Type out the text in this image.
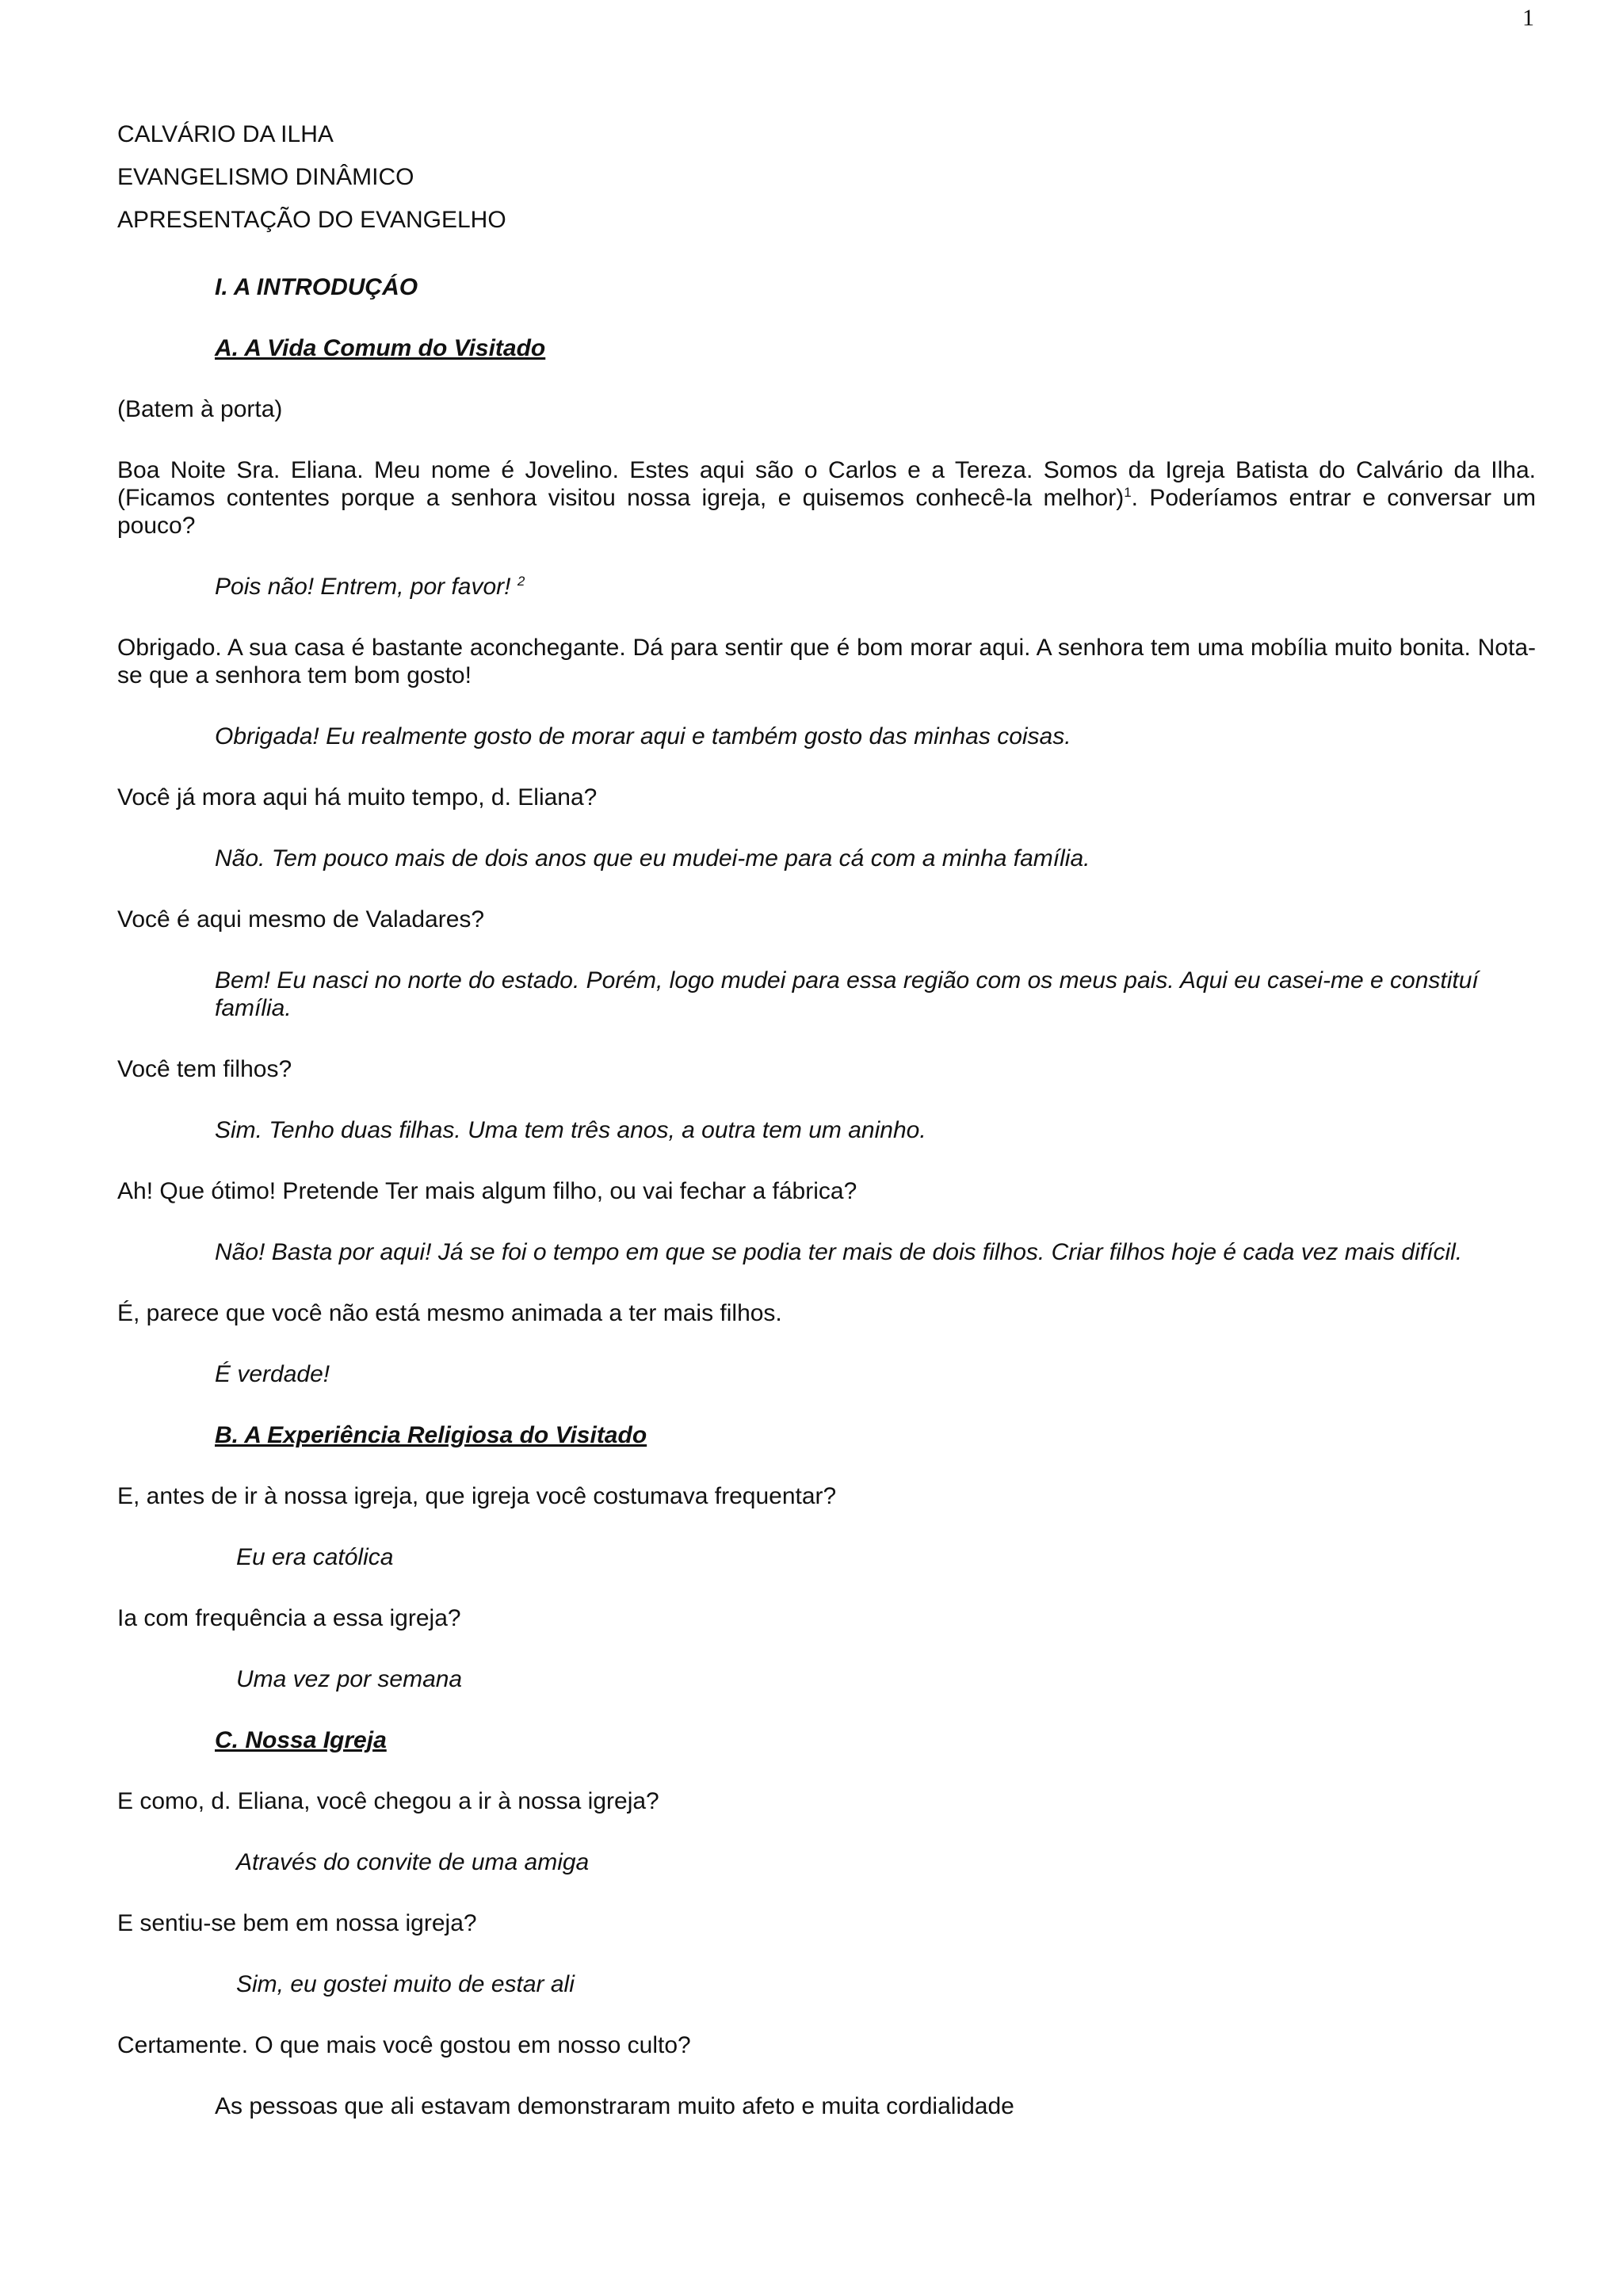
1
CALVÁRIO DA ILHA
EVANGELISMO DINÂMICO
APRESENTAÇÃO DO EVANGELHO
I. A INTRODUÇÁO
A. A Vida Comum do Visitado
(Batem à porta)
Boa Noite Sra. Eliana. Meu nome é Jovelino. Estes aqui são o Carlos e a Tereza. Somos da Igreja Batista do Calvário da Ilha. (Ficamos contentes porque a senhora visitou nossa igreja, e quisemos conhecê-la melhor)$^1$. Poderíamos entrar e conversar um pouco?
Pois não! Entrem, por favor! $^2$
Obrigado. A sua casa é bastante aconchegante. Dá para sentir que é bom morar aqui. A senhora tem uma mobília muito bonita. Nota-se que a senhora tem bom gosto!
Obrigada! Eu realmente gosto de morar aqui e também gosto das minhas coisas.
Você já mora aqui há muito tempo, d. Eliana?
Não. Tem pouco mais de dois anos que eu mudei-me para cá com a minha família.
Você é aqui mesmo de Valadares?
Bem! Eu nasci no norte do estado. Porém, logo mudei para essa região com os meus pais. Aqui eu casei-me e constituí família.
Você tem filhos?
Sim. Tenho duas filhas. Uma tem três anos, a outra tem um aninho.
Ah! Que ótimo! Pretende Ter mais algum filho, ou vai fechar a fábrica?
Não! Basta por aqui! Já se foi o tempo em que se podia ter mais de dois filhos. Criar filhos hoje é cada vez mais difícil.
É, parece que você não está mesmo animada a ter mais filhos.
É verdade!
B. A Experiência Religiosa do Visitado
E, antes de ir à nossa igreja, que igreja você costumava frequentar?
Eu era católica
Ia com frequência a essa igreja?
Uma vez por semana
C. Nossa Igreja
E como, d. Eliana, você chegou a ir à nossa igreja?
Através do convite de uma amiga
E sentiu-se bem em nossa igreja?
Sim, eu gostei muito de estar ali
Certamente. O que mais você gostou em nosso culto?
As pessoas que ali estavam demonstraram muito afeto e muita cordialidade
